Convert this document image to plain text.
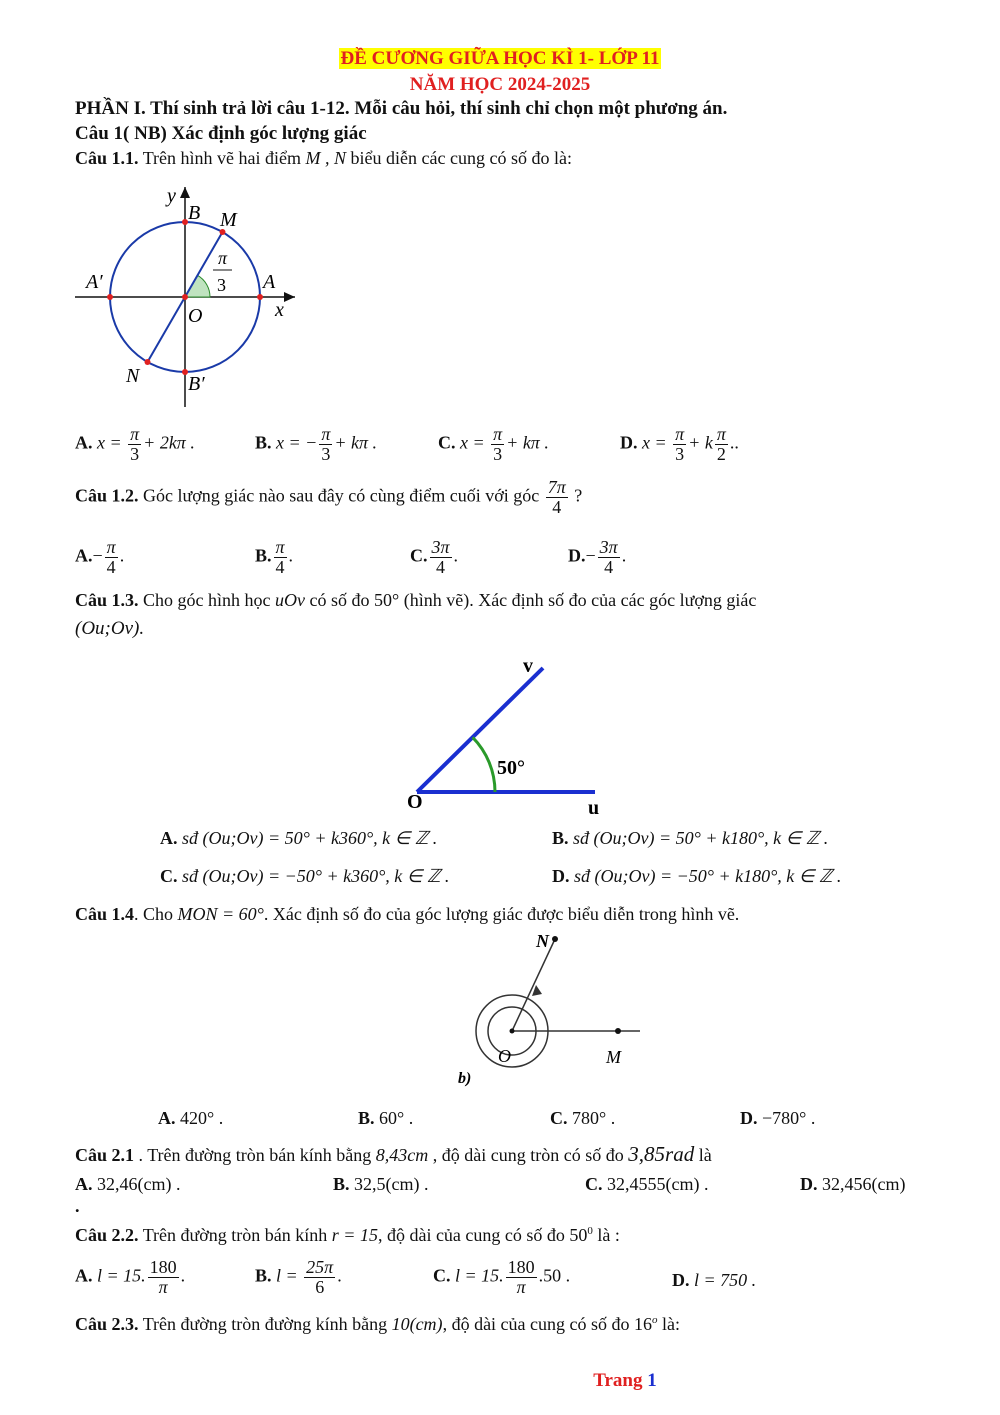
ĐỀ CƯƠNG GIỮA HỌC KÌ 1- LỚP 11
NĂM HỌC 2024-2025
PHẦN I. Thí sinh trả lời câu 1-12. Mỗi câu hỏi, thí sinh chỉ chọn một phương án.
Câu 1( NB) Xác định góc lượng giác
Câu 1.1. Trên hình vẽ hai điểm M , N biểu diễn các cung có số đo là:
y
B M
A′	A
O	x
N B′
π
3
A. $x = \frac{\pi}{3} + 2k\pi$ .	B. x = − $\frac{\pi}{3} + k\pi$ .	C. $x = \frac{\pi}{3} + k\pi$ .	D. $x = \frac{\pi}{3} + k \frac{\pi}{2}$ ..
Câu 1.2. Góc lượng giác nào sau đây có cùng điểm cuối với góc $\frac{7\pi}{4}$ ?
$A.- \frac{\pi}{4}$ .	B. $\frac{\pi}{4}$ .	C. $\frac{3\pi}{4}$ .	$D.- \frac{3\pi}{4}$ .
Câu 1.3. Cho góc hình học uOv có số đo 50° (hình vẽ). Xác định số đo của các góc lượng giác
(Ou;Ov).
v
O	u
50°
A. sđ (Ou;Ov) = 50° + k360°, k ∈ ℤ .	B. sđ (Ou;Ov) = 50° + k180°, k ∈ ℤ .
C. sđ (Ou;Ov) = −50° + k360°, k ∈ ℤ .	D. sđ (Ou;Ov) = −50° + k180°, k ∈ ℤ .
Câu 1.4. Cho MON = 60°. Xác định số đo của góc lượng giác được biểu diễn trong hình vẽ.
N
O	M
b)
A. 420° .	B. 60° .	C. 780° .	D. −780° .
Câu 2.1 . Trên đường tròn bán kính bằng 8,43cm , độ dài cung tròn có số đo 3,85rad là
A. 32,46(cm) .	B. 32,5(cm) .	C. 32,4555(cm) .	D. 32,456(cm)
.
Câu 2.2. Trên đường tròn bán kính r = 15, độ dài của cung có số đo $50^0$ là :
A. l = 15. $\frac{180}{\pi}$ .	B. $l = \frac{25\pi}{6}$ .	C. l = 15. $\frac{180}{\pi} .50$ .	D. l = 750 .
Câu 2.3. Trên đường tròn đường kính bằng 10(cm), độ dài của cung có số đo 16$^o$ là:
Trang 1
